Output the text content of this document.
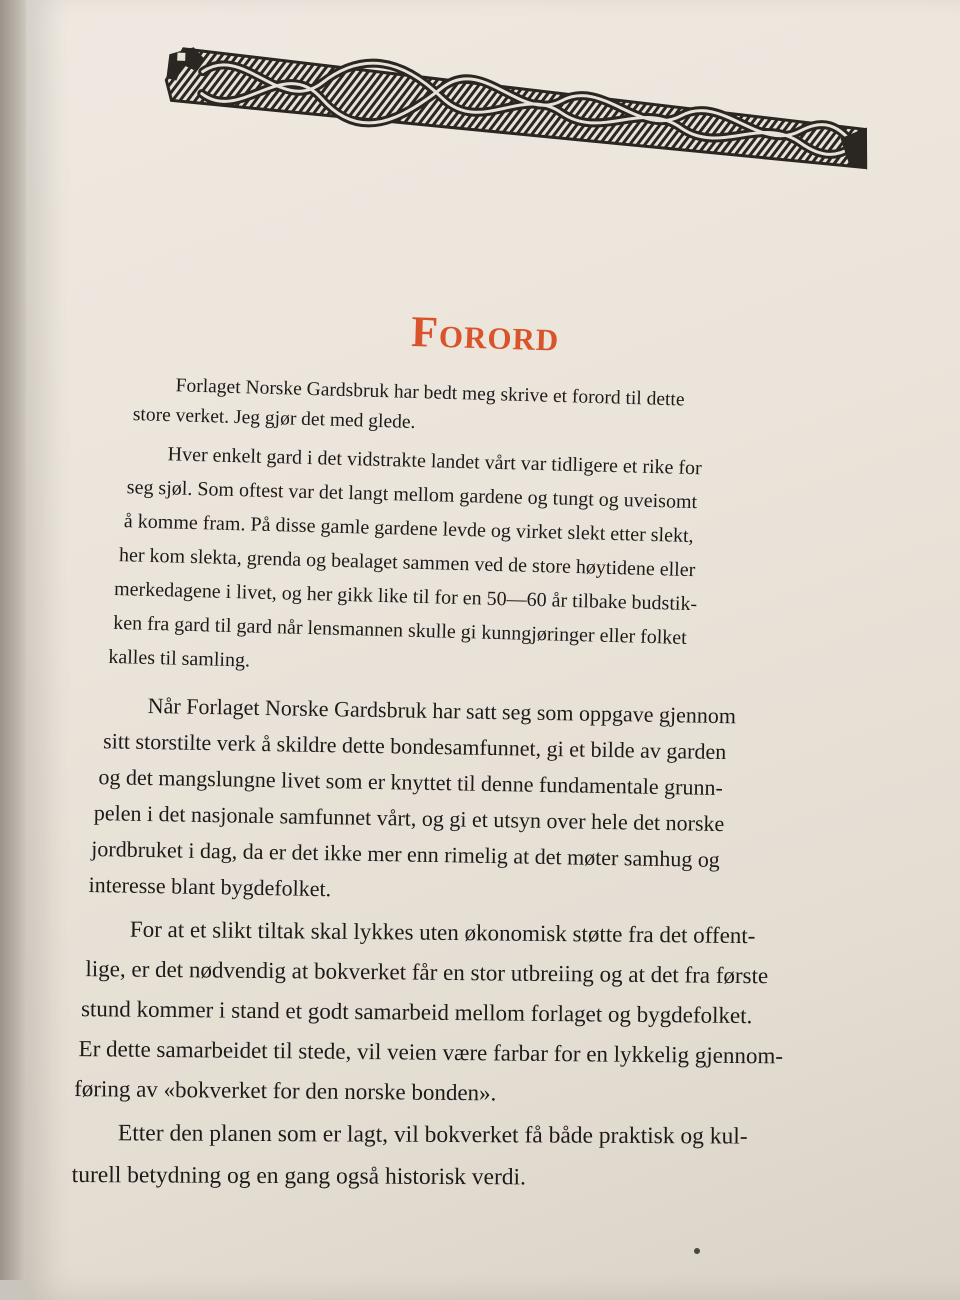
Forord
Forlaget Norske Gardsbruk har bedt meg skrive et forord til dette
store verket. Jeg gjør det med glede.
Hver enkelt gard i det vidstrakte landet vårt var tidligere et rike for
seg sjøl. Som oftest var det langt mellom gardene og tungt og uveisomt
å komme fram. På disse gamle gardene levde og virket slekt etter slekt,
her kom slekta, grenda og bealaget sammen ved de store høytidene eller
merkedagene i livet, og her gikk like til for en 50—60 år tilbake budstik-
ken fra gard til gard når lensmannen skulle gi kunngjøringer eller folket
kalles til samling.
Når Forlaget Norske Gardsbruk har satt seg som oppgave gjennom
sitt storstilte verk å skildre dette bondesamfunnet, gi et bilde av garden
og det mangslungne livet som er knyttet til denne fundamentale grunn-
pelen i det nasjonale samfunnet vårt, og gi et utsyn over hele det norske
jordbruket i dag, da er det ikke mer enn rimelig at det møter samhug og
interesse blant bygdefolket.
For at et slikt tiltak skal lykkes uten økonomisk støtte fra det offent-
lige, er det nødvendig at bokverket får en stor utbreiing og at det fra første
stund kommer i stand et godt samarbeid mellom forlaget og bygdefolket.
Er dette samarbeidet til stede, vil veien være farbar for en lykkelig gjennom-
føring av «bokverket for den norske bonden».
Etter den planen som er lagt, vil bokverket få både praktisk og kul-
turell betydning og en gang også historisk verdi.
